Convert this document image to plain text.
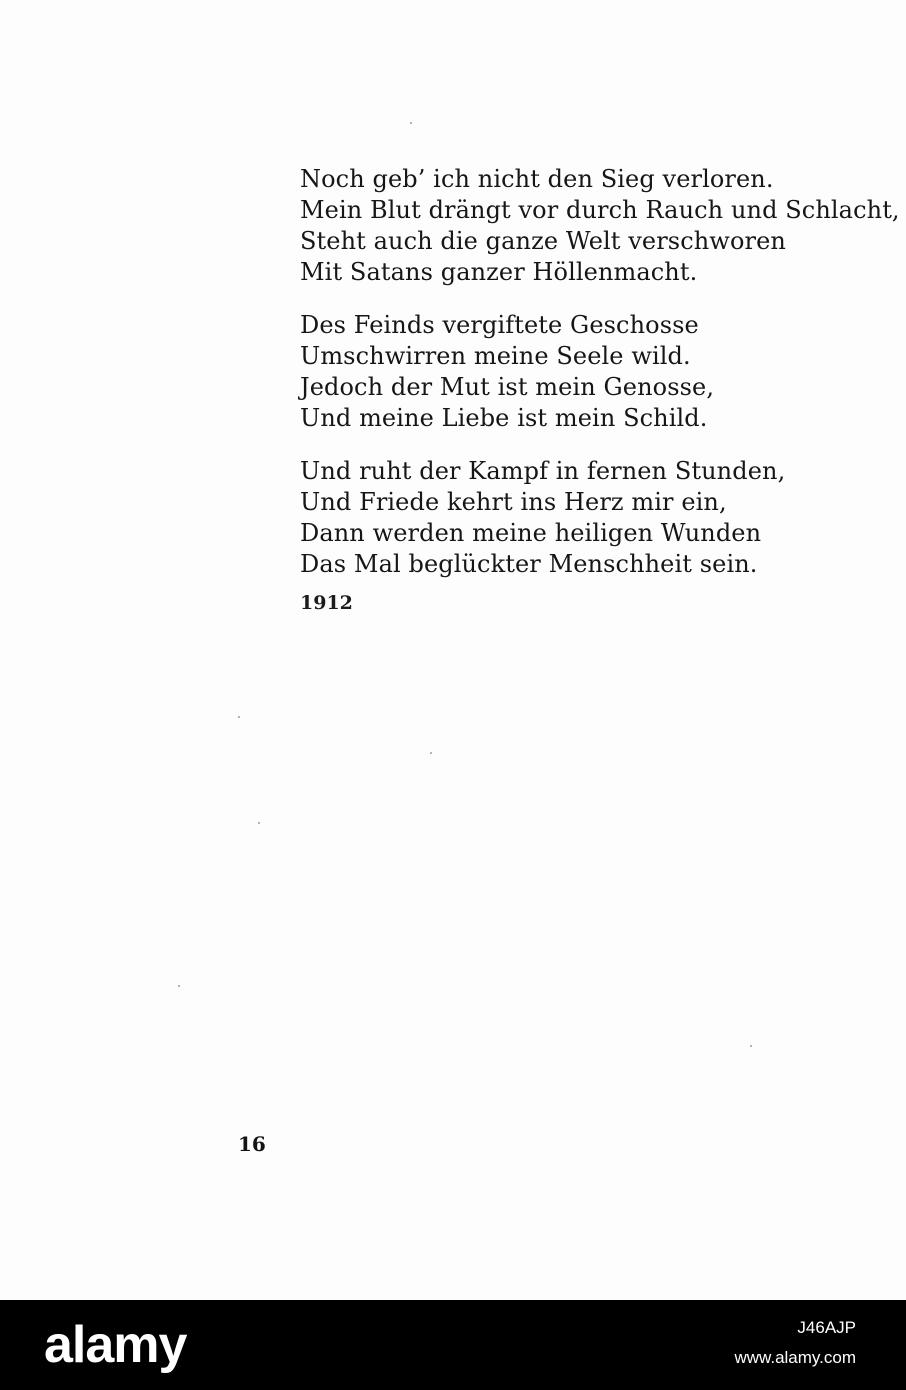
Noch geb’ ich nicht den Sieg verloren.
Mein Blut drängt vor durch Rauch und Schlacht,
Steht auch die ganze Welt verschworen
Mit Satans ganzer Höllenmacht.
Des Feinds vergiftete Geschosse
Umschwirren meine Seele wild.
Jedoch der Mut ist mein Genosse,
Und meine Liebe ist mein Schild.
Und ruht der Kampf in fernen Stunden,
Und Friede kehrt ins Herz mir ein,
Dann werden meine heiligen Wunden
Das Mal beglückter Menschheit sein.
1912
16
alamy	J46AJP
www.alamy.com
